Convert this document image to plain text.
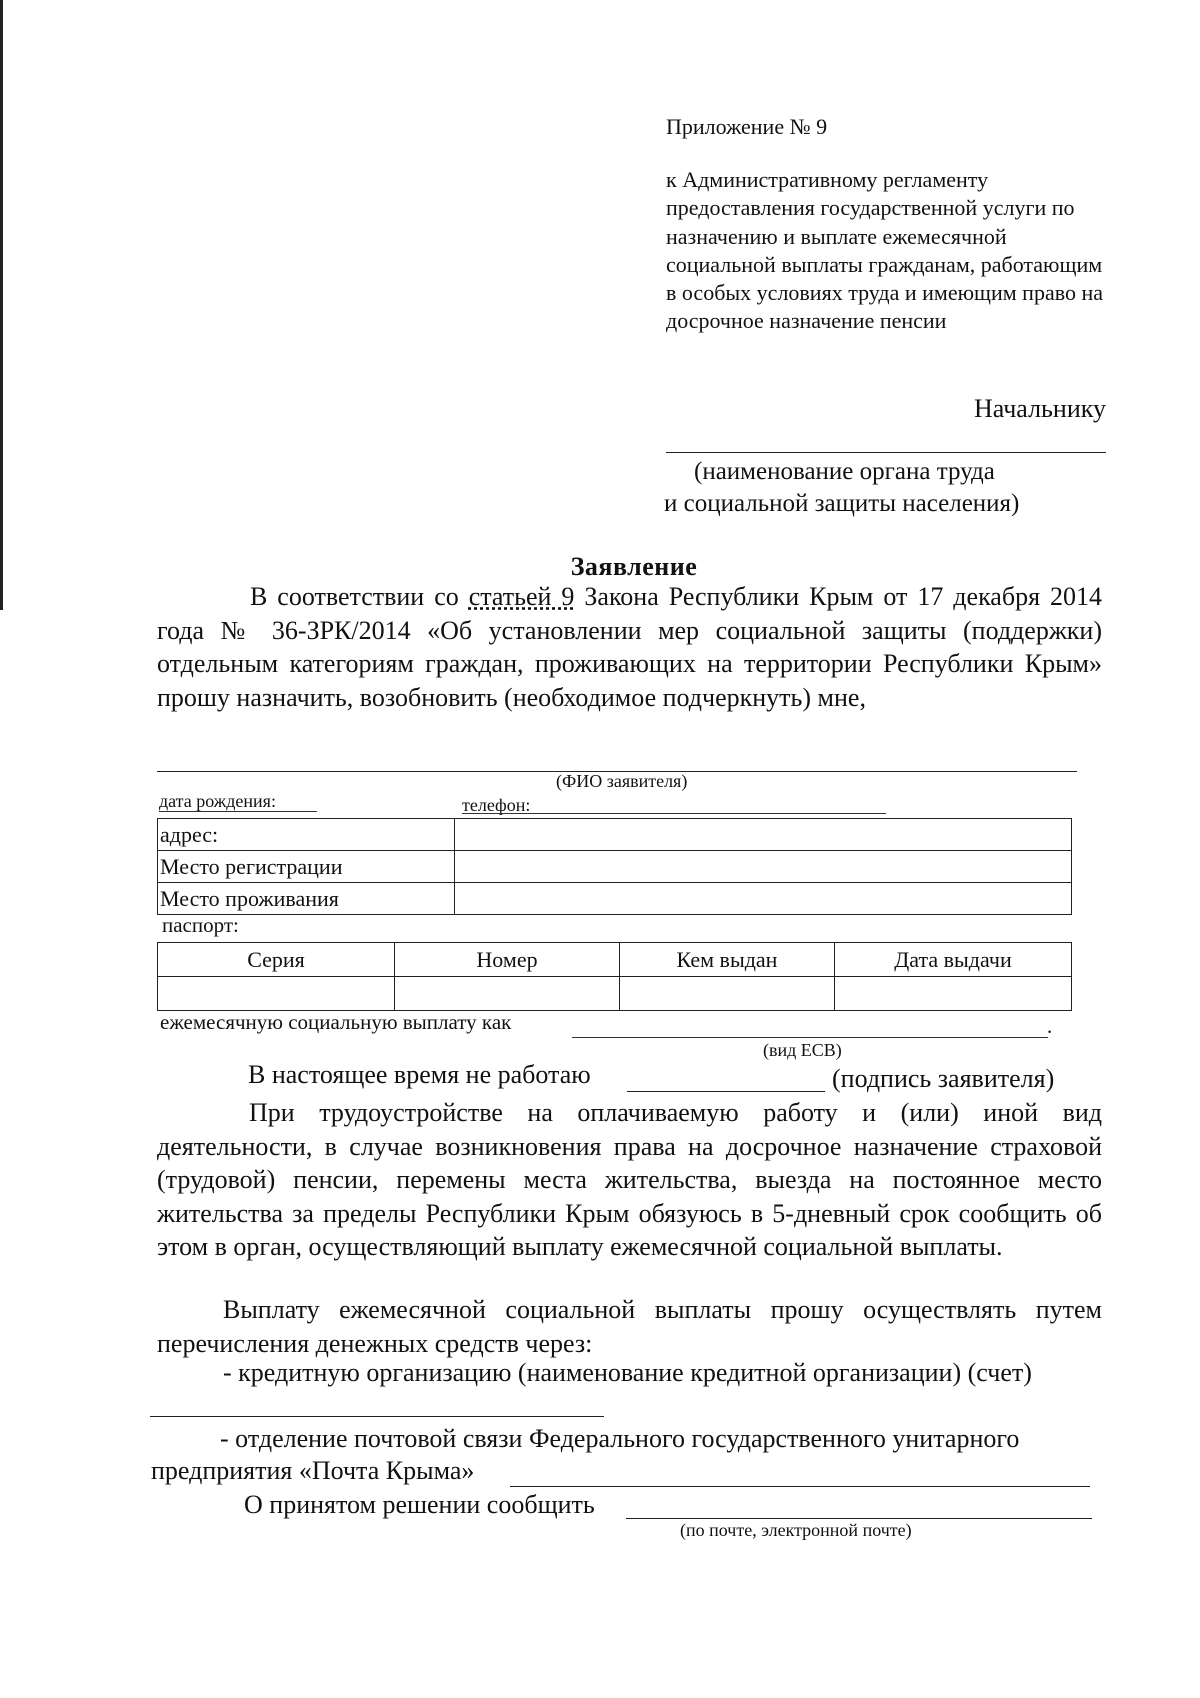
Приложение № 9
к Административному регламенту предоставления государственной услуги по назначению и выплате ежемесячной социальной выплаты гражданам, работающим в особых условиях труда и имеющим право на досрочное назначение пенсии
Начальнику
(наименование органа труда
и социальной защиты населения)
Заявление
В соответствии со статьей 9 Закона Республики Крым от 17 декабря 2014 года № 36-ЗРК/2014 «Об установлении мер социальной защиты (поддержки) отдельным категориям граждан, проживающих на территории Республики Крым» прошу назначить, возобновить (необходимое подчеркнуть) мне,
(ФИО заявителя)
дата рождения:	телефон:
адрес:	
Место регистрации	
Место проживания	
паспорт:
Серия	Номер	Кем выдан	Дата выдачи

ежемесячную социальную выплату как	.
(вид ЕСВ)
В настоящее время не работаю	(подпись заявителя)
При трудоустройстве на оплачиваемую работу и (или) иной вид деятельности, в случае возникновения права на досрочное назначение страховой (трудовой) пенсии, перемены места жительства, выезда на постоянное место жительства за пределы Республики Крым обязуюсь в 5-дневный срок сообщить об этом в орган, осуществляющий выплату ежемесячной социальной выплаты.
Выплату ежемесячной социальной выплаты прошу осуществлять путем перечисления денежных средств через:
- кредитную организацию (наименование кредитной организации) (счет)
- отделение почтовой связи Федерального государственного унитарного
предприятия «Почта Крыма»
О принятом решении сообщить
(по почте, электронной почте)
